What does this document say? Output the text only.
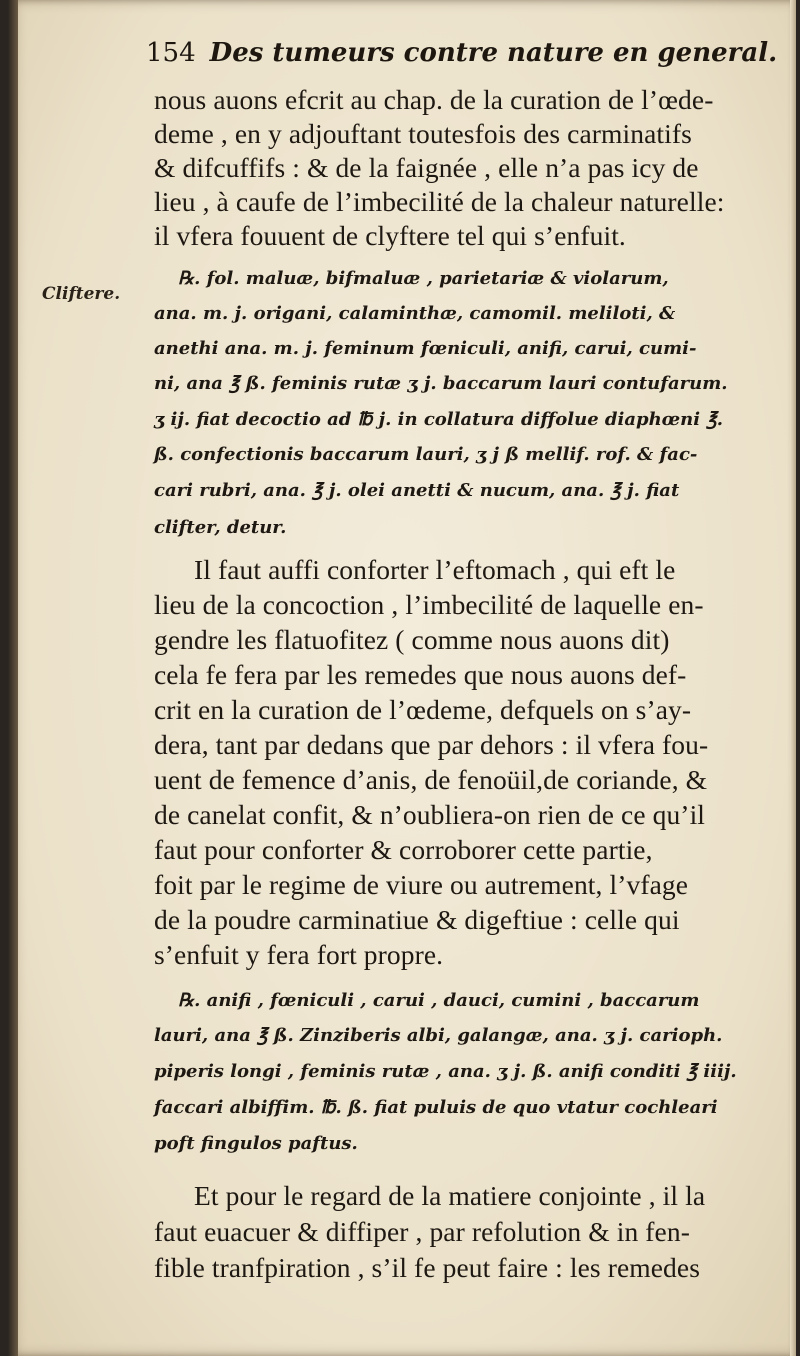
154 Des tumeurs contre nature en general.
Cliftere.
nous auons efcrit au chap. de la curation de l’œde-
deme , en y adjouftant toutesfois des carminatifs
& difcuffifs : & de la faignée , elle n’a pas icy de
lieu , à caufe de l’imbecilité de la chaleur naturelle:
il vfera fouuent de clyftere tel qui s’enfuit.
℞. fol. maluæ, bifmaluæ , parietariæ & violarum,
ana. m. j. origani, calaminthæ, camomil. meliloti, &
anethi ana. m. j. feminum fœniculi, anifi, carui, cumi-
ni, ana ℥ ß. feminis rutæ ʒ j. baccarum lauri contufarum.
ʒ ij. fiat decoctio ad ℔ j. in collatura diffolue diaphœni ℥.
ß. confectionis baccarum lauri, ʒ j ß mellif. rof. & fac-
cari rubri, ana. ℥ j. olei anetti & nucum, ana. ℥ j. fiat
clifter, detur.
Il faut auffi conforter l’eftomach , qui eft le
lieu de la concoction , l’imbecilité de laquelle en-
gendre les flatuofitez ( comme nous auons dit)
cela fe fera par les remedes que nous auons def-
crit en la curation de l’œdeme, defquels on s’ay-
dera, tant par dedans que par dehors : il vfera fou-
uent de femence d’anis, de fenoüil,de coriande, &
de canelat confit, & n’oubliera-on rien de ce qu’il
faut pour conforter & corroborer cette partie,
foit par le regime de viure ou autrement, l’vfage
de la poudre carminatiue & digeftiue : celle qui
s’enfuit y fera fort propre.
℞. anifi , fœniculi , carui , dauci, cumini , baccarum
lauri, ana ℥ ß. Zinziberis albi, galangæ, ana. ʒ j. carioph.
piperis longi , feminis rutæ , ana. ʒ j. ß. anifi conditi ℥ iiij.
faccari albiffim. ℔. ß. fiat puluis de quo vtatur cochleari
poft fingulos paftus.
Et pour le regard de la matiere conjointe , il la
faut euacuer & diffiper , par refolution & in fen-
fible tranfpiration , s’il fe peut faire : les remedes
